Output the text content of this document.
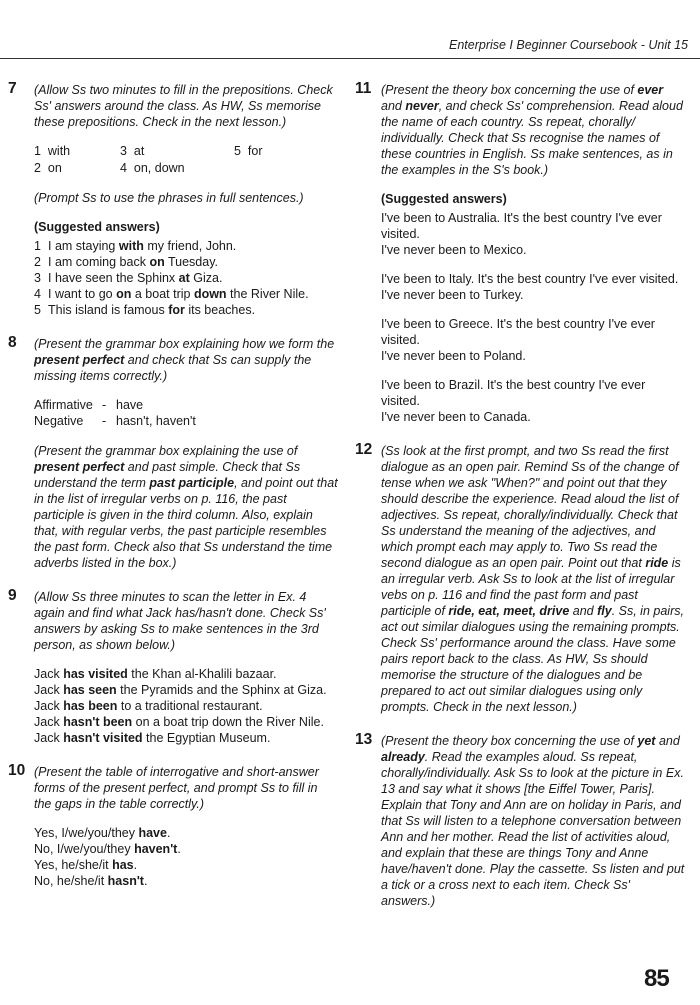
Enterprise I Beginner Coursebook - Unit 15
7 (Allow Ss two minutes to fill in the prepositions. Check Ss' answers around the class. As HW, Ss memorise these prepositions. Check in the next lesson.)

1 with	3 at	5 for
2 on	4 on, down

(Prompt Ss to use the phrases in full sentences.)

(Suggested answers)

1 I am staying with my friend, John.
2 I am coming back on Tuesday.
3 I have seen the Sphinx at Giza.
4 I want to go on a boat trip down the River Nile.
5 This island is famous for its beaches.
8 (Present the grammar box explaining how we form the present perfect and check that Ss can supply the missing items correctly.)

Affirmative - have
Negative	- hasn't, haven't

(Present the grammar box explaining the use of present perfect and past simple. Check that Ss understand the term past participle, and point out that in the list of irregular verbs on p. 116, the past participle is given in the third column. Also, explain that, with regular verbs, the past participle resembles the past form. Check also that Ss understand the time adverbs listed in the box.)

9 (Allow Ss three minutes to scan the letter in Ex. 4 again and find what Jack has/hasn't done. Check Ss' answers by asking Ss to make sentences in the 3rd person, as shown below.)

Jack has visited the Khan al-Khalili bazaar.
Jack has seen the Pyramids and the Sphinx at Giza.
Jack has been to a traditional restaurant.
Jack hasn't been on a boat trip down the River Nile.
Jack hasn't visited the Egyptian Museum.
10 (Present the table of interrogative and short-answer forms of the present perfect, and prompt Ss to fill in the gaps in the table correctly.)

Yes, I/we/you/they have.
No, I/we/you/they haven't.
Yes, he/she/it has.
No, he/she/it hasn't.
11 (Present the theory box concerning the use of ever and never, and check Ss' comprehension. Read aloud the name of each country. Ss repeat, chorally/ individually. Check that Ss recognise the names of these countries in English. Ss make sentences, as in the examples in the S's book.)

(Suggested answers)

I've been to Australia. It's the best country I've ever visited.
I've never been to Mexico.
I've been to Italy. It's the best country I've ever visited.
I've never been to Turkey.
I've been to Greece. It's the best country I've ever visited.
I've never been to Poland.
I've been to Brazil. It's the best country I've ever visited.
I've never been to Canada.
12 (Ss look at the first prompt, and two Ss read the first dialogue as an open pair. Remind Ss of the change of tense when we ask "When?" and point out that they should describe the experience. Read aloud the list of adjectives. Ss repeat, chorally/individually. Check that Ss understand the meaning of the adjectives, and which prompt each may apply to. Two Ss read the second dialogue as an open pair. Point out that ride is an irregular verb. Ask Ss to look at the list of irregular vebs on p. 116 and find the past form and past participle of ride, eat, meet, drive and fly. Ss, in pairs, act out similar dialogues using the remaining prompts. Check Ss' performance around the class. Have some pairs report back to the class. As HW, Ss should memorise the structure of the dialogues and be prepared to act out similar dialogues using only prompts. Check in the next lesson.)

13 (Present the theory box concerning the use of yet and already. Read the examples aloud. Ss repeat, chorally/individually. Ask Ss to look at the picture in Ex. 13 and say what it shows [the Eiffel Tower, Paris]. Explain that Tony and Ann are on holiday in Paris, and that Ss will listen to a telephone conversation between Ann and her mother. Read the list of activities aloud, and explain that these are things Tony and Anne have/haven't done. Play the cassette. Ss listen and put a tick or a cross next to each item. Check Ss' answers.)

85
